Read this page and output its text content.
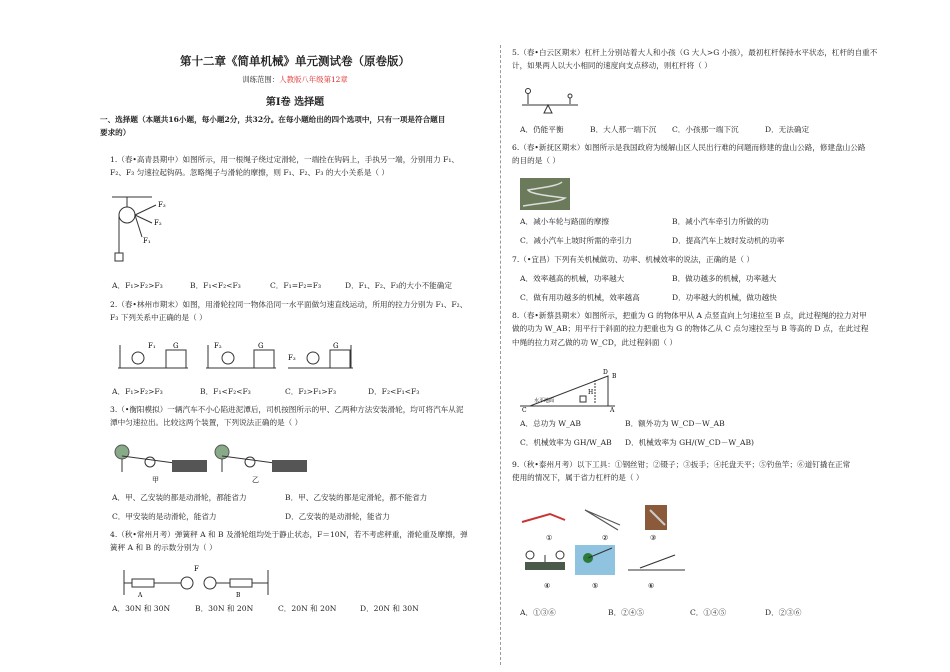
第十二章《简单机械》单元测试卷（原卷版）
训练范围：人教版八年级第12章
第Ⅰ卷 选择题
一、选择题（本题共16小题，每小题2分，共32分。在每小题给出的四个选项中，只有一项是符合题目
要求的）
1.（春•高青县期中）如图所示，用一根绳子绕过定滑轮，一端拴在钩码上，手执另一端，分别用力 F₁、
F₂、F₃ 匀速拉起钩码。忽略绳子与滑轮的摩擦，则 F₁、F₂、F₃ 的大小关系是（ ）
F₃
F₂
F₁
A．F₁>F₂>F₃	B．F₁<F₂<F₃	C．F₁=F₂=F₃	D．F₁、F₂、F₃的大小不能确定
2.（春•林州市期末）如图，用滑轮拉同一物体沿同一水平面做匀速直线运动，所用的拉力分别为 F₁、F₂、
F₃ 下列关系中正确的是（ ）
F₁ G	F₂	G
F₃
G
A．F₁>F₂>F₃	B．F₁<F₂<F₃	C．F₂>F₁>F₃	D．F₂<F₁<F₃
3.（•衡阳模拟）一辆汽车不小心陷进泥潭后，司机按图所示的甲、乙两种方法安装滑轮，均可将汽车从泥
潭中匀速拉出。比较这两个装置，下列说法正确的是（ ）
甲	乙
A．甲、乙安装的都是动滑轮，都能省力	B．甲、乙安装的都是定滑轮，都不能省力
C．甲安装的是动滑轮，能省力	D．乙安装的是动滑轮，能省力
4.（秋•常州月考）弹簧秤 A 和 B 及滑轮组均处于静止状态，F＝10N，若不考虑秤重，滑轮重及摩擦，弹
簧秤 A 和 B 的示数分别为（ ）
F
A	B
A．30N 和 30N	B．30N 和 20N	C．20N 和 20N	D．20N 和 30N
5.（春•白云区期末）杠杆上分别站着大人和小孩（G 大人>G 小孩），最初杠杆保持水平状态，杠杆的自重不
计，如果两人以大小相同的速度向支点移动，则杠杆将（ ）
A．仍能平衡	B．大人那一端下沉 C．小孩那一端下沉	D．无法确定
6.（春•新抚区期末）如图所示是我国政府为缓解山区人民出行难的问题而修建的盘山公路，修建盘山公路
的目的是（ ）
A．减小车轮与路面的摩擦	B．减小汽车牵引力所做的功
C．减小汽车上坡时所需的牵引力	D．提高汽车上坡时发动机的功率
7.（•宜昌）下列有关机械做功、功率、机械效率的说法，正确的是（ ）
A．效率越高的机械，功率越大	B．做功越多的机械，功率越大
C．做有用功越多的机械，效率越高	D．功率越大的机械，做功越快
8.（春•新蔡县期末）如图所示，把重为 G 的物体甲从 A 点竖直向上匀速拉至 B 点，此过程绳的拉力对甲
做的功为 W_AB；用平行于斜面的拉力把重也为 G 的物体乙从 C 点匀速拉至与 B 等高的 D 点，在此过程
中绳的拉力对乙做的功 W_CD，此过程斜面（ ）
水平地面
C	A
D
B
H
A．总功为 W_AB	B．额外功为 W_CD－W_AB
C．机械效率为 GH/W_AB D．机械效率为 GH/(W_CD－W_AB)
9.（秋•泰州月考）以下工具：①钢丝钳；②镊子；③扳手；④托盘天平；⑤钓鱼竿；⑥道钉撬在正常
使用的情况下，属于省力杠杆的是（ ）
①	②	③
④	⑤	⑥
A．①③⑥	B．②④⑤	C．①④⑤	D．②③⑥
